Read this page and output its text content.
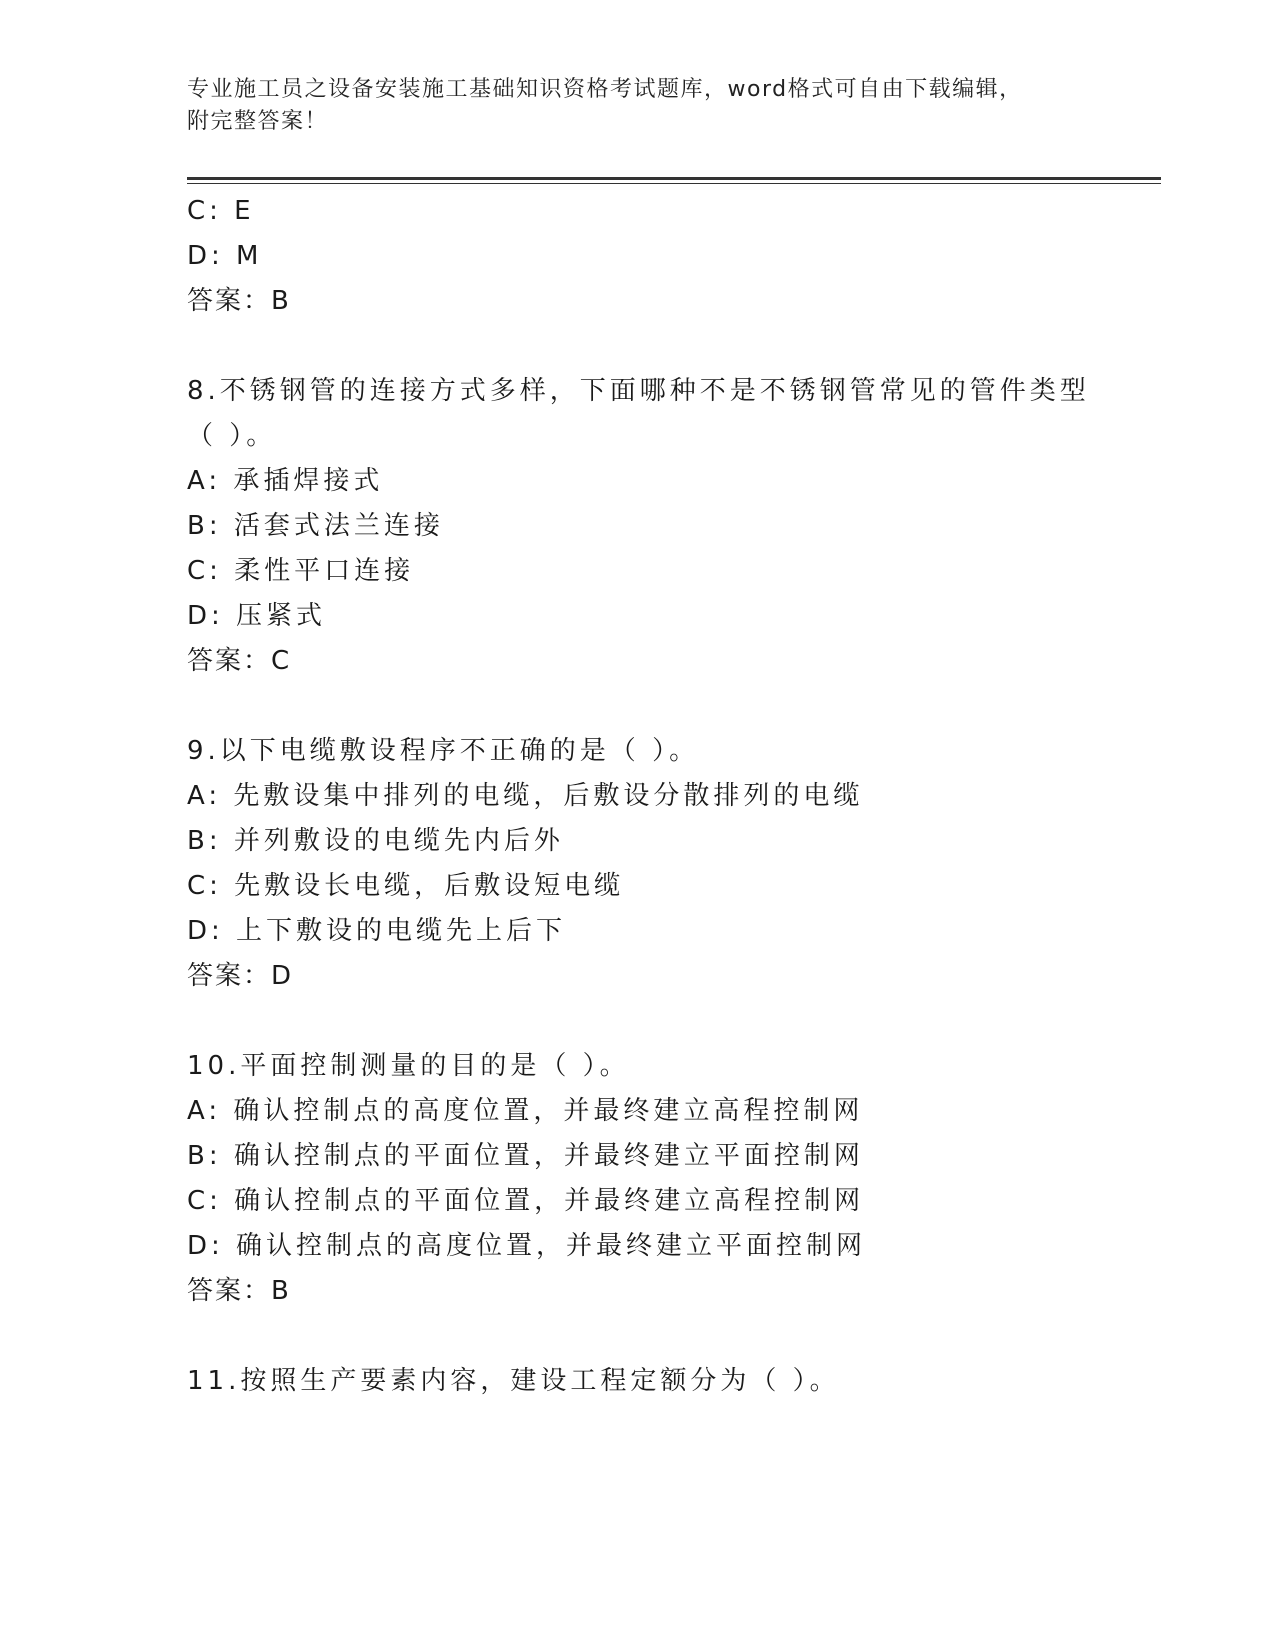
专业施工员之设备安装施工基础知识资格考试题库，word格式可自由下载编辑，
附完整答案！
C: E
D: M
答案：B
8.不锈钢管的连接方式多样，下面哪种不是不锈钢管常见的管件类型
（ ）。
A: 承插焊接式
B: 活套式法兰连接
C: 柔性平口连接
D: 压紧式
答案：C
9.以下电缆敷设程序不正确的是（ ）。
A: 先敷设集中排列的电缆，后敷设分散排列的电缆
B: 并列敷设的电缆先内后外
C: 先敷设长电缆，后敷设短电缆
D: 上下敷设的电缆先上后下
答案：D
10.平面控制测量的目的是（ ）。
A: 确认控制点的高度位置，并最终建立高程控制网
B: 确认控制点的平面位置，并最终建立平面控制网
C: 确认控制点的平面位置，并最终建立高程控制网
D: 确认控制点的高度位置，并最终建立平面控制网
答案：B
11.按照生产要素内容，建设工程定额分为（ ）。
